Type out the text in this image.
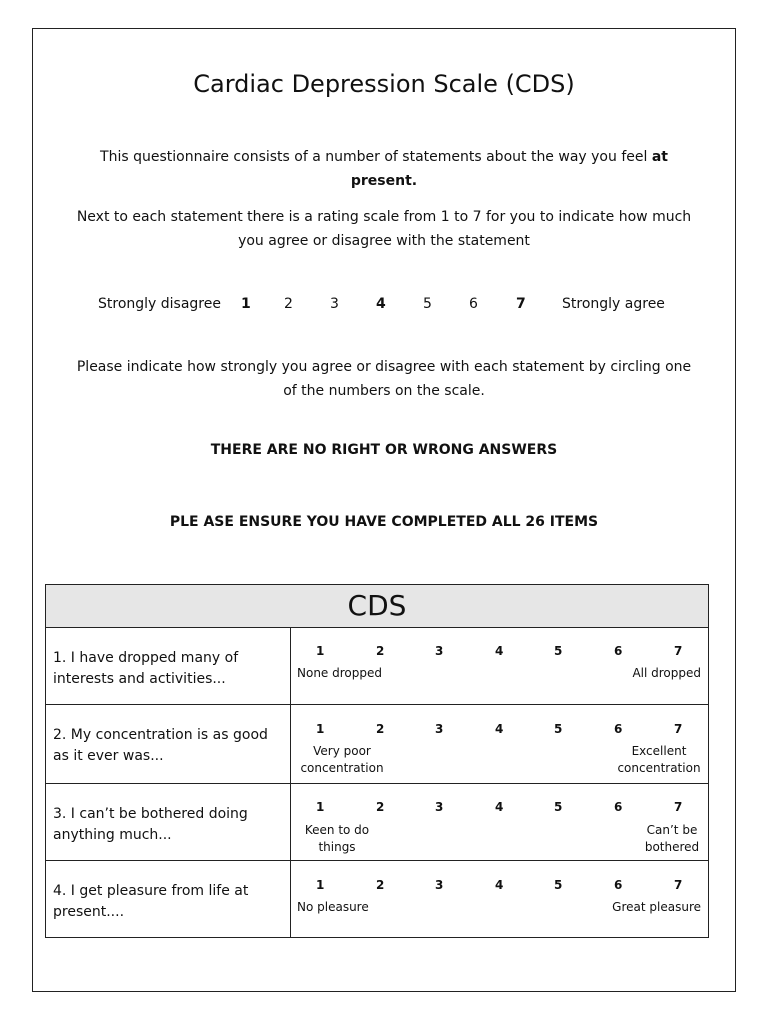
Cardiac Depression Scale (CDS)
This questionnaire consists of a number of statements about the way you feel at present.
Next to each statement there is a rating scale from 1 to 7 for you to indicate how much you agree or disagree with the statement
Strongly disagree 1 2	3	4	5	6	7	Strongly agree
Please indicate how strongly you agree or disagree with each statement by circling one of the numbers on the scale.
THERE ARE NO RIGHT OR WRONG ANSWERS
PLE ASE ENSURE YOU HAVE COMPLETED ALL 26 ITEMS
CDS
1. I have dropped many of interests and activities...
1	2	3	4	5	6	7
None dropped	All dropped
2. My concentration is as good as it ever was...
1	2	3	4	5	6	7
Very poor concentration
Excellent concentration
3. I can’t be bothered doing anything much...
1	2	3	4	5	6	7
Keen to do things
Can’t be bothered
4. I get pleasure from life at present....
1	2	3	4	5	6	7
No pleasure	Great pleasure
